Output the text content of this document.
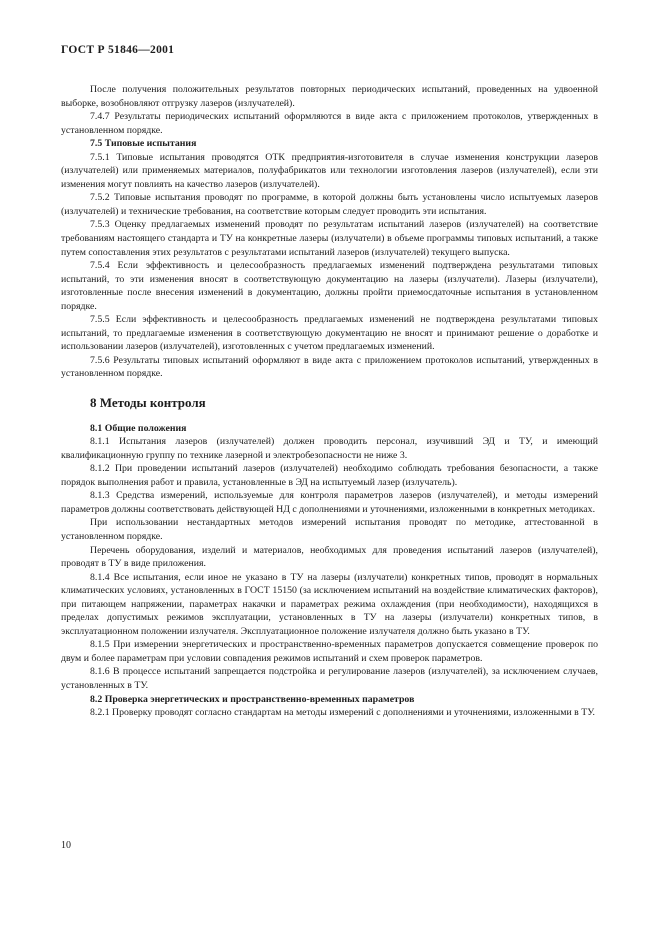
ГОСТ Р 51846—2001

После получения положительных результатов повторных периодических испытаний, проведенных на удвоенной выборке, возобновляют отгрузку лазеров (излучателей).

7.4.7 Результаты периодических испытаний оформляются в виде акта с приложением протоколов, утвержденных в установленном порядке.

7.5 Типовые испытания

7.5.1 Типовые испытания проводятся ОТК предприятия-изготовителя в случае изменения конструкции лазеров (излучателей) или применяемых материалов, полуфабрикатов или технологии изготовления лазеров (излучателей), если эти изменения могут повлиять на качество лазеров (излучателей).

7.5.2 Типовые испытания проводят по программе, в которой должны быть установлены число испытуемых лазеров (излучателей) и технические требования, на соответствие которым следует проводить эти испытания.

7.5.3 Оценку предлагаемых изменений проводят по результатам испытаний лазеров (излучателей) на соответствие требованиям настоящего стандарта и ТУ на конкретные лазеры (излучатели) в объеме программы типовых испытаний, а также путем сопоставления этих результатов с результатами испытаний лазеров (излучателей) текущего выпуска.

7.5.4 Если эффективность и целесообразность предлагаемых изменений подтверждена результатами типовых испытаний, то эти изменения вносят в соответствующую документацию на лазеры (излучатели). Лазеры (излучатели), изготовленные после внесения изменений в документацию, должны пройти приемосдаточные испытания в установленном порядке.

7.5.5 Если эффективность и целесообразность предлагаемых изменений не подтверждена результатами типовых испытаний, то предлагаемые изменения в соответствующую документацию не вносят и принимают решение о доработке и использовании лазеров (излучателей), изготовленных с учетом предлагаемых изменений.

7.5.6 Результаты типовых испытаний оформляют в виде акта с приложением протоколов испытаний, утвержденных в установленном порядке.

8 Методы контроля

8.1 Общие положения

8.1.1 Испытания лазеров (излучателей) должен проводить персонал, изучивший ЭД и ТУ, и имеющий квалификационную группу по технике лазерной и электробезопасности не ниже 3.

8.1.2 При проведении испытаний лазеров (излучателей) необходимо соблюдать требования безопасности, а также порядок выполнения работ и правила, установленные в ЭД на испытуемый лазер (излучатель).

8.1.3 Средства измерений, используемые для контроля параметров лазеров (излучателей), и методы измерений параметров должны соответствовать действующей НД с дополнениями и уточнениями, изложенными в конкретных методиках.

При использовании нестандартных методов измерений испытания проводят по методике, аттестованной в установленном порядке.

Перечень оборудования, изделий и материалов, необходимых для проведения испытаний лазеров (излучателей), проводят в ТУ в виде приложения.

8.1.4 Все испытания, если иное не указано в ТУ на лазеры (излучатели) конкретных типов, проводят в нормальных климатических условиях, установленных в ГОСТ 15150 (за исключением испытаний на воздействие климатических факторов), при питающем напряжении, параметрах накачки и параметрах режима охлаждения (при необходимости), находящихся в пределах допустимых режимов эксплуатации, установленных в ТУ на лазеры (излучатели) конкретных типов, в эксплуатационном положении излучателя. Эксплуатационное положение излучателя должно быть указано в ТУ.

8.1.5 При измерении энергетических и пространственно-временных параметров допускается совмещение проверок по двум и более параметрам при условии совпадения режимов испытаний и схем проверок параметров.

8.1.6 В процессе испытаний запрещается подстройка и регулирование лазеров (излучателей), за исключением случаев, установленных в ТУ.

8.2 Проверка энергетических и пространственно-временных параметров

8.2.1 Проверку проводят согласно стандартам на методы измерений с дополнениями и уточнениями, изложенными в ТУ.

10
